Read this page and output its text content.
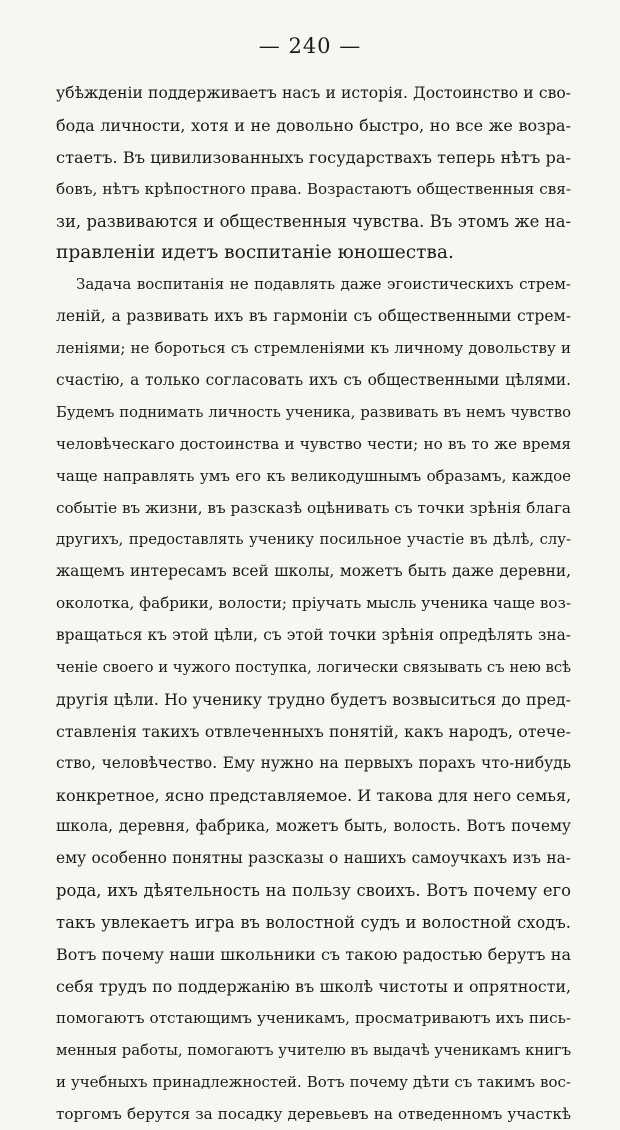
— 240 —
убѣжденіи поддерживаетъ насъ и исторія. Достоинство и сво-
бода личности, хотя и не довольно быстро, но все же возра-
стаетъ. Въ цивилизованныхъ государствахъ теперь нѣтъ ра-
бовъ, нѣтъ крѣпостного права. Возрастаютъ общественныя свя-
зи, развиваются и общественныя чувства. Въ этомъ же на-
правленіи идетъ воспитаніе юношества.
Задача воспитанія не подавлять даже эгоистическихъ стрем-
леній, а развивать ихъ въ гармоніи съ общественными стрем-
леніями; не бороться съ стремленіями къ личному довольству и
счастію, а только согласовать ихъ съ общественными цѣлями.
Будемъ поднимать личность ученика, развивать въ немъ чувство
человѣческаго достоинства и чувство чести; но въ то же время
чаще направлять умъ его къ великодушнымъ образамъ, каждое
событіе въ жизни, въ разсказѣ оцѣнивать съ точки зрѣнія блага
другихъ, предоставлять ученику посильное участіе въ дѣлѣ, слу-
жащемъ интересамъ всей школы, можетъ быть даже деревни,
околотка, фабрики, волости; пріучать мысль ученика чаще воз-
вращаться къ этой цѣли, съ этой точки зрѣнія опредѣлять зна-
ченіе своего и чужого поступка, логически связывать съ нею всѣ
другія цѣли. Но ученику трудно будетъ возвыситься до пред-
ставленія такихъ отвлеченныхъ понятій, какъ народъ, отече-
ство, человѣчество. Ему нужно на первыхъ порахъ что-нибудь
конкретное, ясно представляемое. И такова для него семья,
школа, деревня, фабрика, можетъ быть, волость. Вотъ почему
ему особенно понятны разсказы о нашихъ самоучкахъ изъ на-
рода, ихъ дѣятельность на пользу своихъ. Вотъ почему его
такъ увлекаетъ игра въ волостной судъ и волостной сходъ.
Вотъ почему наши школьники съ такою радостью берутъ на
себя трудъ по поддержанію въ школѣ чистоты и опрятности,
помогаютъ отстающимъ ученикамъ, просматриваютъ ихъ пись-
менныя работы, помогаютъ учителю въ выдачѣ ученикамъ книгъ
и учебныхъ принадлежностей. Вотъ почему дѣти съ такимъ вос-
торгомъ берутся за посадку деревьевъ на отведенномъ участкѣ
